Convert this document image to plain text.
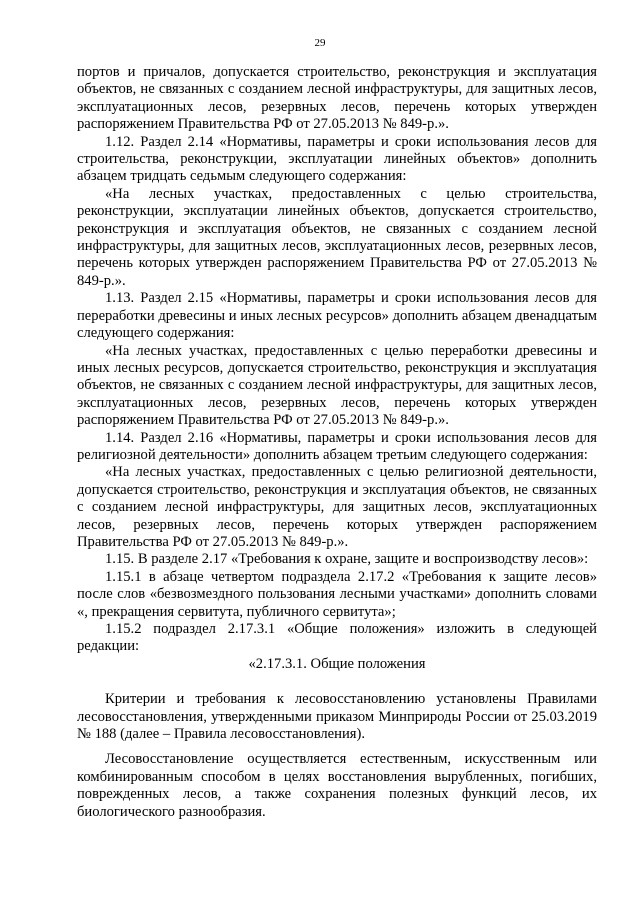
29

портов и причалов, допускается строительство, реконструкция и эксплуатация объектов, не связанных с созданием лесной инфраструктуры, для защитных лесов, эксплуатационных лесов, резервных лесов, перечень которых утвержден распоряжением Правительства РФ от 27.05.2013 № 849-р.».

1.12. Раздел 2.14 «Нормативы, параметры и сроки использования лесов для строительства, реконструкции, эксплуатации линейных объектов» дополнить абзацем тридцать седьмым следующего содержания:

«На лесных участках, предоставленных с целью строительства, реконструкции, эксплуатации линейных объектов, допускается строительство, реконструкция и эксплуатация объектов, не связанных с созданием лесной инфраструктуры, для защитных лесов, эксплуатационных лесов, резервных лесов, перечень которых утвержден распоряжением Правительства РФ от 27.05.2013 № 849-р.».

1.13. Раздел 2.15 «Нормативы, параметры и сроки использования лесов для переработки древесины и иных лесных ресурсов» дополнить абзацем двенадцатым следующего содержания:

«На лесных участках, предоставленных с целью переработки древесины и иных лесных ресурсов, допускается строительство, реконструкция и эксплуатация объектов, не связанных с созданием лесной инфраструктуры, для защитных лесов, эксплуатационных лесов, резервных лесов, перечень которых утвержден распоряжением Правительства РФ от 27.05.2013 № 849-р.».

1.14. Раздел 2.16 «Нормативы, параметры и сроки использования лесов для религиозной деятельности» дополнить абзацем третьим следующего содержания:

«На лесных участках, предоставленных с целью религиозной деятельности, допускается строительство, реконструкция и эксплуатация объектов, не связанных с созданием лесной инфраструктуры, для защитных лесов, эксплуатационных лесов, резервных лесов, перечень которых утвержден распоряжением Правительства РФ от 27.05.2013 № 849-р.».

1.15. В разделе 2.17 «Требования к охране, защите и воспроизводству лесов»:

1.15.1 в абзаце четвертом подраздела 2.17.2 «Требования к защите лесов» после слов «безвозмездного пользования лесными участками» дополнить словами «, прекращения сервитута, публичного сервитута»;

1.15.2 подраздел 2.17.3.1 «Общие положения» изложить в следующей редакции:

«2.17.3.1. Общие положения

Критерии и требования к лесовосстановлению установлены Правилами лесовосстановления, утвержденными приказом Минприроды России от 25.03.2019 № 188 (далее – Правила лесовосстановления).

Лесовосстановление осуществляется естественным, искусственным или комбинированным способом в целях восстановления вырубленных, погибших, поврежденных лесов, а также сохранения полезных функций лесов, их биологического разнообразия.
